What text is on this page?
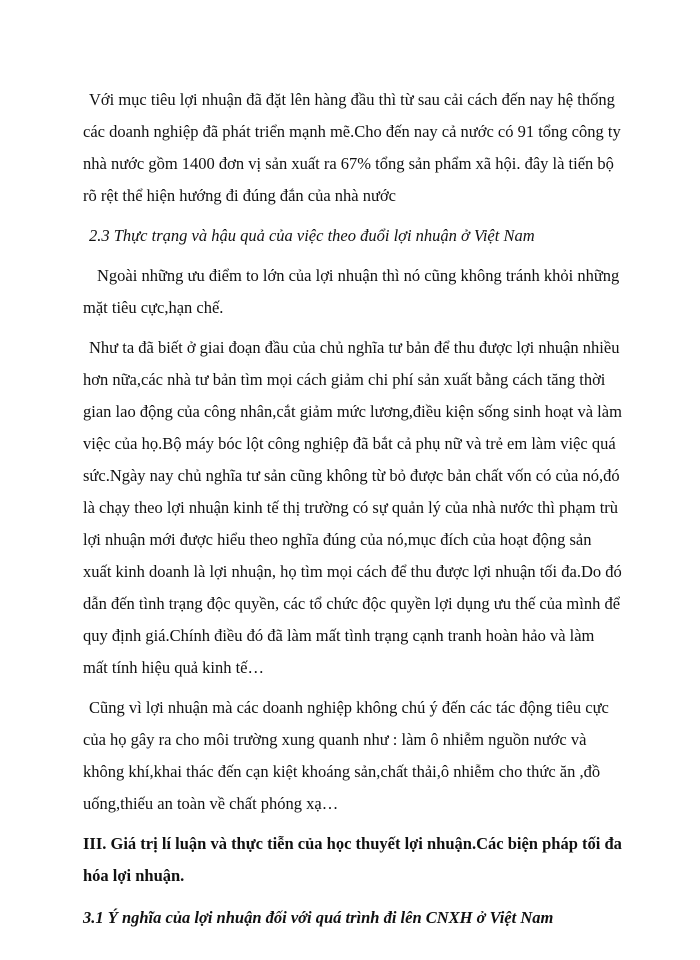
Với mục tiêu lợi nhuận đã đặt lên hàng đầu thì từ sau cải cách đến nay hệ thống các doanh nghiệp đã phát triển mạnh mẽ.Cho đến nay cả nước có 91 tổng công ty nhà nước gồm 1400 đơn vị sản xuất ra 67% tổng sản phẩm xã hội. đây là tiến bộ rõ rệt thể hiện hướng đi đúng đắn của nhà nước

2.3 Thực trạng và hậu quả của việc theo đuổi lợi nhuận ở Việt Nam

Ngoài những ưu điểm to lớn của lợi nhuận thì nó cũng không tránh khỏi những mặt tiêu cực,hạn chế.

Như ta đã biết ở giai đoạn đầu của chủ nghĩa tư bản để thu được lợi nhuận nhiều hơn nữa,các nhà tư bản tìm mọi cách giảm chi phí sản xuất bằng cách tăng thời gian lao động của công nhân,cắt giảm mức lương,điều kiện sống sinh hoạt và làm việc của họ.Bộ máy bóc lột công nghiệp đã bắt cả phụ nữ và trẻ em làm việc quá sức.Ngày nay chủ nghĩa tư sản cũng không từ bỏ được bản chất vốn có của nó,đó là chạy theo lợi nhuận kinh tế thị trường có sự quản lý của nhà nước thì phạm trù lợi nhuận mới được hiểu theo nghĩa đúng của nó,mục đích của hoạt động sản xuất kinh doanh là lợi nhuận, họ tìm mọi cách để thu được lợi nhuận tối đa.Do đó dẫn đến tình trạng độc quyền, các tổ chức độc quyền lợi dụng ưu thế của mình để quy định giá.Chính điều đó đã làm mất tình trạng cạnh tranh hoàn hảo và làm mất tính hiệu quả kinh tế…

Cũng vì lợi nhuận mà các doanh nghiệp không chú ý đến các tác động tiêu cực của họ gây ra cho môi trường xung quanh như : làm ô nhiễm nguồn nước và không khí,khai thác đến cạn kiệt khoáng sản,chất thải,ô nhiễm cho thức ăn ,đồ uống,thiếu an toàn về chất phóng xạ…

III. Giá trị lí luận và thực tiễn của học thuyết lợi nhuận.Các biện pháp tối đa hóa lợi nhuận.

3.1 Ý nghĩa của lợi nhuận đối với quá trình đi lên CNXH ở Việt Nam
